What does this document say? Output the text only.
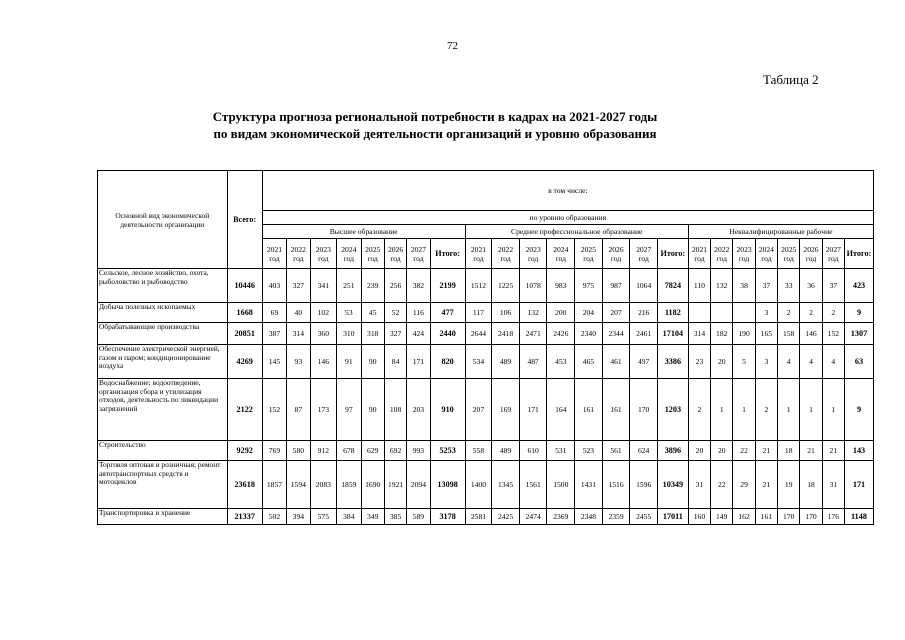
72
Таблица 2
Структура прогноза региональной потребности в кадрах на 2021-2027 годы
по видам экономической деятельности организаций и уровню образования
Основной вид экономической деятельности организации	Всего:	в том числе:																							
		по уровню образования																							
		Высшее образование								Среднее профессиональное образование								Неквалифицированные рабочие							
		2021 год	2022 год	2023 год	2024 год	2025 год	2026 год	2027 год	Итого:	2021 год	2022 год	2023 год	2024 год	2025 год	2026 год	2027 год	Итого:	2021 год	2022 год	2023 год	2024 год	2025 год	2026 год	2027 год	Итого:
Сельское, лесное хозяйство, охота, рыболовство и рыбоводство	10446	403	327	341	251	239	256	382	2199	1512	1225	1078	983	975	987	1064	7824	110	132	38	37	33	36	37	423
Добыча полезных ископаемых	1668	69	40	102	53	45	52	116	477	117	106	132	200	204	207	216	1182				3	2	2	2	9
Обрабатывающие производства	20851	387	314	360	310	318	327	424	2440	2644	2418	2471	2426	2340	2344	2461	17104	314	182	190	165	158	146	152	1307
Обеспечение электрической энергией, газом и паром; кондиционирование воздуха	4269	145	93	146	91	90	84	171	820	534	489	487	453	465	461	497	3386	23	20	5	3	4	4	4	63
Водоснабжение; водоотведение, организация сбора и утилизация отходов, деятельность по ликвидации загрязнений	2122	152	87	173	97	90	108	203	910	207	169	171	164	161	161	170	1203	2	1	1	2	1	1	1	9
Строительство	9292	769	580	912	678	629	692	993	5253	558	489	610	531	523	561	624	3896	20	20	22	21	18	21	21	143
Торговля оптовая и розничная; ремонт автотранспортных средств и мотоциклов	23618	1857	1594	2083	1859	1690	1921	2094	13098	1400	1345	1561	1500	1431	1516	1596	10349	31	22	29	21	19	18	31	171
Транспортировка и хранение	21337	502	394	575	384	349	385	589	3178	2581	2425	2474	2369	2348	2359	2455	17011	160	149	162	161	170	170	176	1148
